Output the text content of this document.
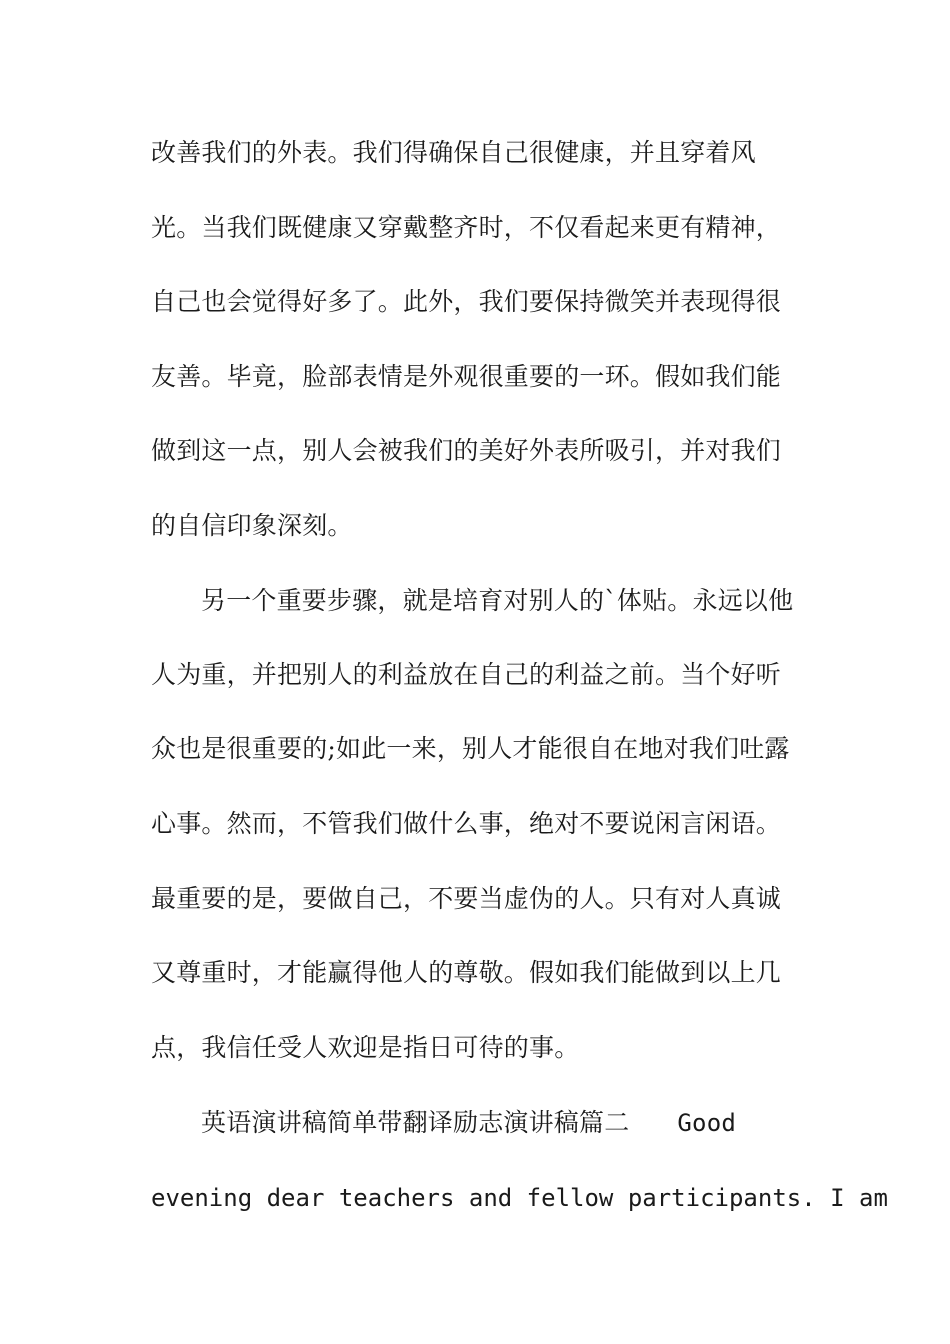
改善我们的外表。我们得确保自己很健康，并且穿着风
光。当我们既健康又穿戴整齐时，不仅看起来更有精神，
自己也会觉得好多了。此外，我们要保持微笑并表现得很
友善。毕竟，脸部表情是外观很重要的一环。假如我们能
做到这一点，别人会被我们的美好外表所吸引，并对我们
的自信印象深刻。
另一个重要步骤，就是培育对别人的`体贴。永远以他
人为重，并把别人的利益放在自己的利益之前。当个好听
众也是很重要的;如此一来，别人才能很自在地对我们吐露
心事。然而，不管我们做什么事，绝对不要说闲言闲语。
最重要的是，要做自己，不要当虚伪的人。只有对人真诚
又尊重时，才能赢得他人的尊敬。假如我们能做到以上几
点，我信任受人欢迎是指日可待的事。
英语演讲稿简单带翻译励志演讲稿篇二 Good
evening dear teachers and fellow participants. I am
